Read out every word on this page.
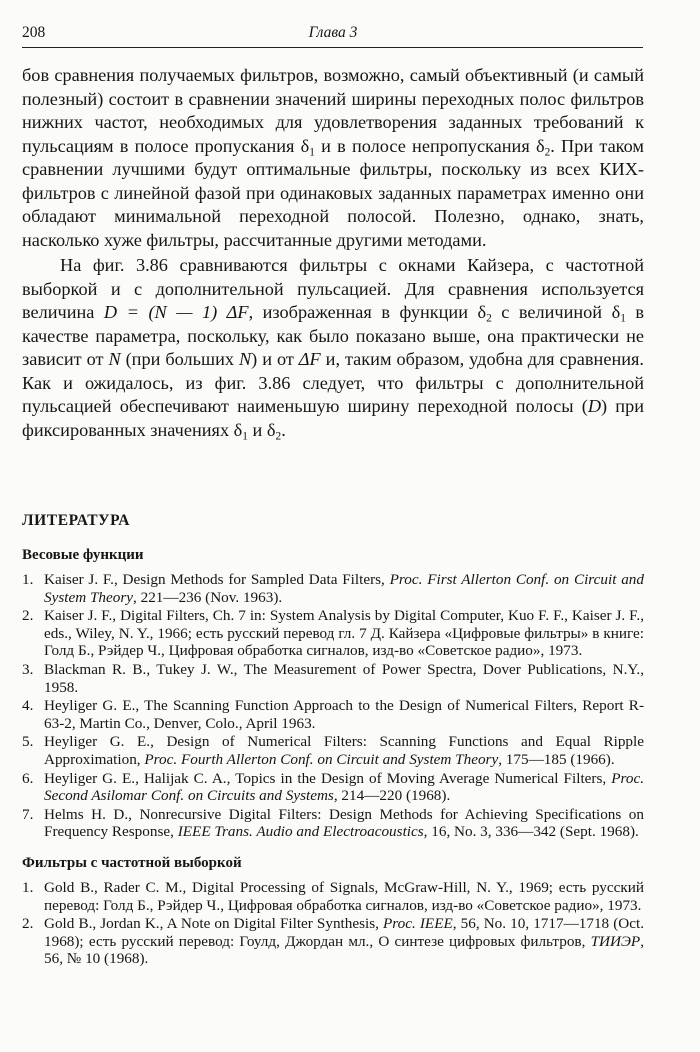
208	Глава 3

бов сравнения получаемых фильтров, возможно, самый объективный (и самый полезный) состоит в сравнении значений ширины переходных полос фильтров нижних частот, необходимых для удовлетворения заданных требований к пульсациям в полосе пропускания $\delta_1$ и в полосе непропускания $\delta_2$. При таком сравнении лучшими будут оптимальные фильтры, поскольку из всех КИХ-фильтров с линейной фазой при одинаковых заданных параметрах именно они обладают минимальной переходной полосой. Полезно, однако, знать, насколько хуже фильтры, рассчитанные другими методами.

На фиг. 3.86 сравниваются фильтры с окнами Кайзера, с частотной выборкой и с дополнительной пульсацией. Для сравнения используется величина D = (N — 1) ΔF, изображенная в функции $\delta_2$ с величиной $\delta_1$ в качестве параметра, поскольку, как было показано выше, она практически не зависит от N (при больших N) и от ΔF и, таким образом, удобна для сравнения. Как и ожидалось, из фиг. 3.86 следует, что фильтры с дополнительной пульсацией обеспечивают наименьшую ширину переходной полосы (D) при фиксированных значениях $\delta_1$ и $\delta_2$.

ЛИТЕРАТУРА
Весовые функции
1. Kaiser J. F., Design Methods for Sampled Data Filters, Proc. First Allerton Conf. on Circuit and System Theory, 221—236 (Nov. 1963).
2. Kaiser J. F., Digital Filters, Ch. 7 in: System Analysis by Digital Computer, Kuo F. F., Kaiser J. F., eds., Wiley, N. Y., 1966; есть русский перевод гл. 7 Д. Кайзера «Цифровые фильтры» в книге: Голд Б., Рэйдер Ч., Цифровая обработка сигналов, изд-во «Советское радио», 1973.
3. Blackman R. B., Tukey J. W., The Measurement of Power Spectra, Dover Publications, N.Y., 1958.
4. Heyliger G. E., The Scanning Function Approach to the Design of Numerical Filters, Report R-63-2, Martin Co., Denver, Colo., April 1963.
5. Heyliger G. E., Design of Numerical Filters: Scanning Functions and Equal Ripple Approximation, Proc. Fourth Allerton Conf. on Circuit and System Theory, 175—185 (1966).
6. Heyliger G. E., Halijak C. A., Topics in the Design of Moving Average Numerical Filters, Proc. Second Asilomar Conf. on Circuits and Systems, 214—220 (1968).
7. Helms H. D., Nonrecursive Digital Filters: Design Methods for Achieving Specifications on Frequency Response, IEEE Trans. Audio and Electroacoustics, 16, No. 3, 336—342 (Sept. 1968).
Фильтры с частотной выборкой
1. Gold B., Rader C. M., Digital Processing of Signals, McGraw-Hill, N. Y., 1969; есть русский перевод: Голд Б., Рэйдер Ч., Цифровая обработка сигналов, изд-во «Советское радио», 1973.
2. Gold B., Jordan K., A Note on Digital Filter Synthesis, Proc. IEEE, 56, No. 10, 1717—1718 (Oct. 1968); есть русский перевод: Гоулд, Джордан мл., О синтезе цифровых фильтров, ТИИЭР, 56, № 10 (1968).
